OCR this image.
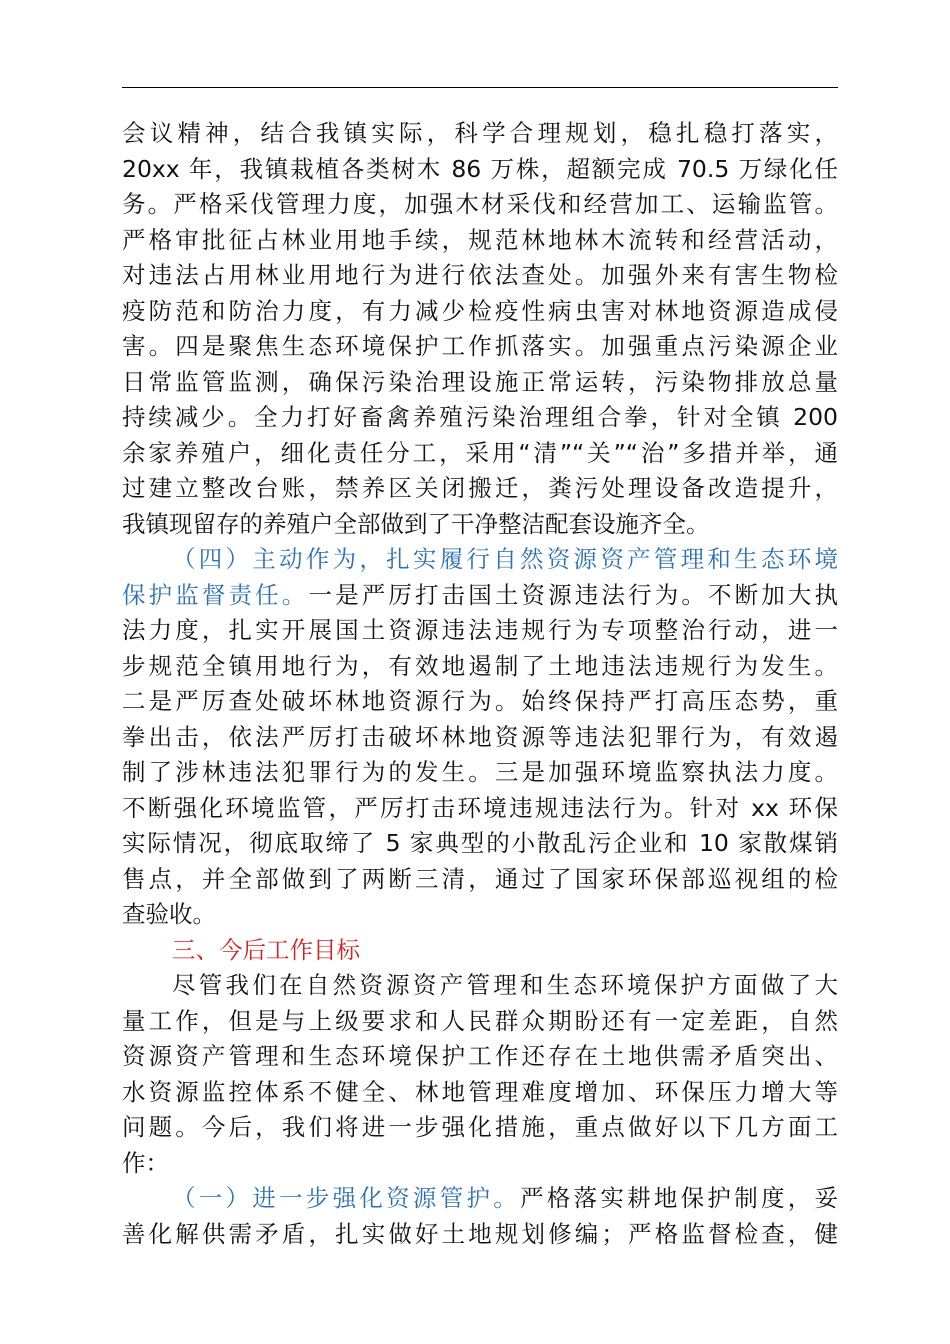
会议精神，结合我镇实际，科学合理规划，稳扎稳打落实，
20xx 年，我镇栽植各类树木 86 万株，超额完成 70.5 万绿化任
务。严格采伐管理力度，加强木材采伐和经营加工、运输监管。
严格审批征占林业用地手续，规范林地林木流转和经营活动，
对违法占用林业用地行为进行依法查处。加强外来有害生物检
疫防范和防治力度，有力减少检疫性病虫害对林地资源造成侵
害。四是聚焦生态环境保护工作抓落实。加强重点污染源企业
日常监管监测，确保污染治理设施正常运转，污染物排放总量
持续减少。全力打好畜禽养殖污染治理组合拳，针对全镇 200
余家养殖户，细化责任分工，采用“清”“关”“治”多措并举，通
过建立整改台账，禁养区关闭搬迁，粪污处理设备改造提升，
我镇现留存的养殖户全部做到了干净整洁配套设施齐全。
（四）主动作为，扎实履行自然资源资产管理和生态环境
保护监督责任。一是严厉打击国土资源违法行为。不断加大执
法力度，扎实开展国土资源违法违规行为专项整治行动，进一
步规范全镇用地行为，有效地遏制了土地违法违规行为发生。
二是严厉查处破坏林地资源行为。始终保持严打高压态势，重
拳出击，依法严厉打击破坏林地资源等违法犯罪行为，有效遏
制了涉林违法犯罪行为的发生。三是加强环境监察执法力度。
不断强化环境监管，严厉打击环境违规违法行为。针对 xx 环保
实际情况，彻底取缔了 5 家典型的小散乱污企业和 10 家散煤销
售点，并全部做到了两断三清，通过了国家环保部巡视组的检
查验收。
三、今后工作目标
尽管我们在自然资源资产管理和生态环境保护方面做了大
量工作，但是与上级要求和人民群众期盼还有一定差距，自然
资源资产管理和生态环境保护工作还存在土地供需矛盾突出、
水资源监控体系不健全、林地管理难度增加、环保压力增大等
问题。今后，我们将进一步强化措施，重点做好以下几方面工
作：
（一）进一步强化资源管护。严格落实耕地保护制度，妥
善化解供需矛盾，扎实做好土地规划修编；严格监督检查，健
